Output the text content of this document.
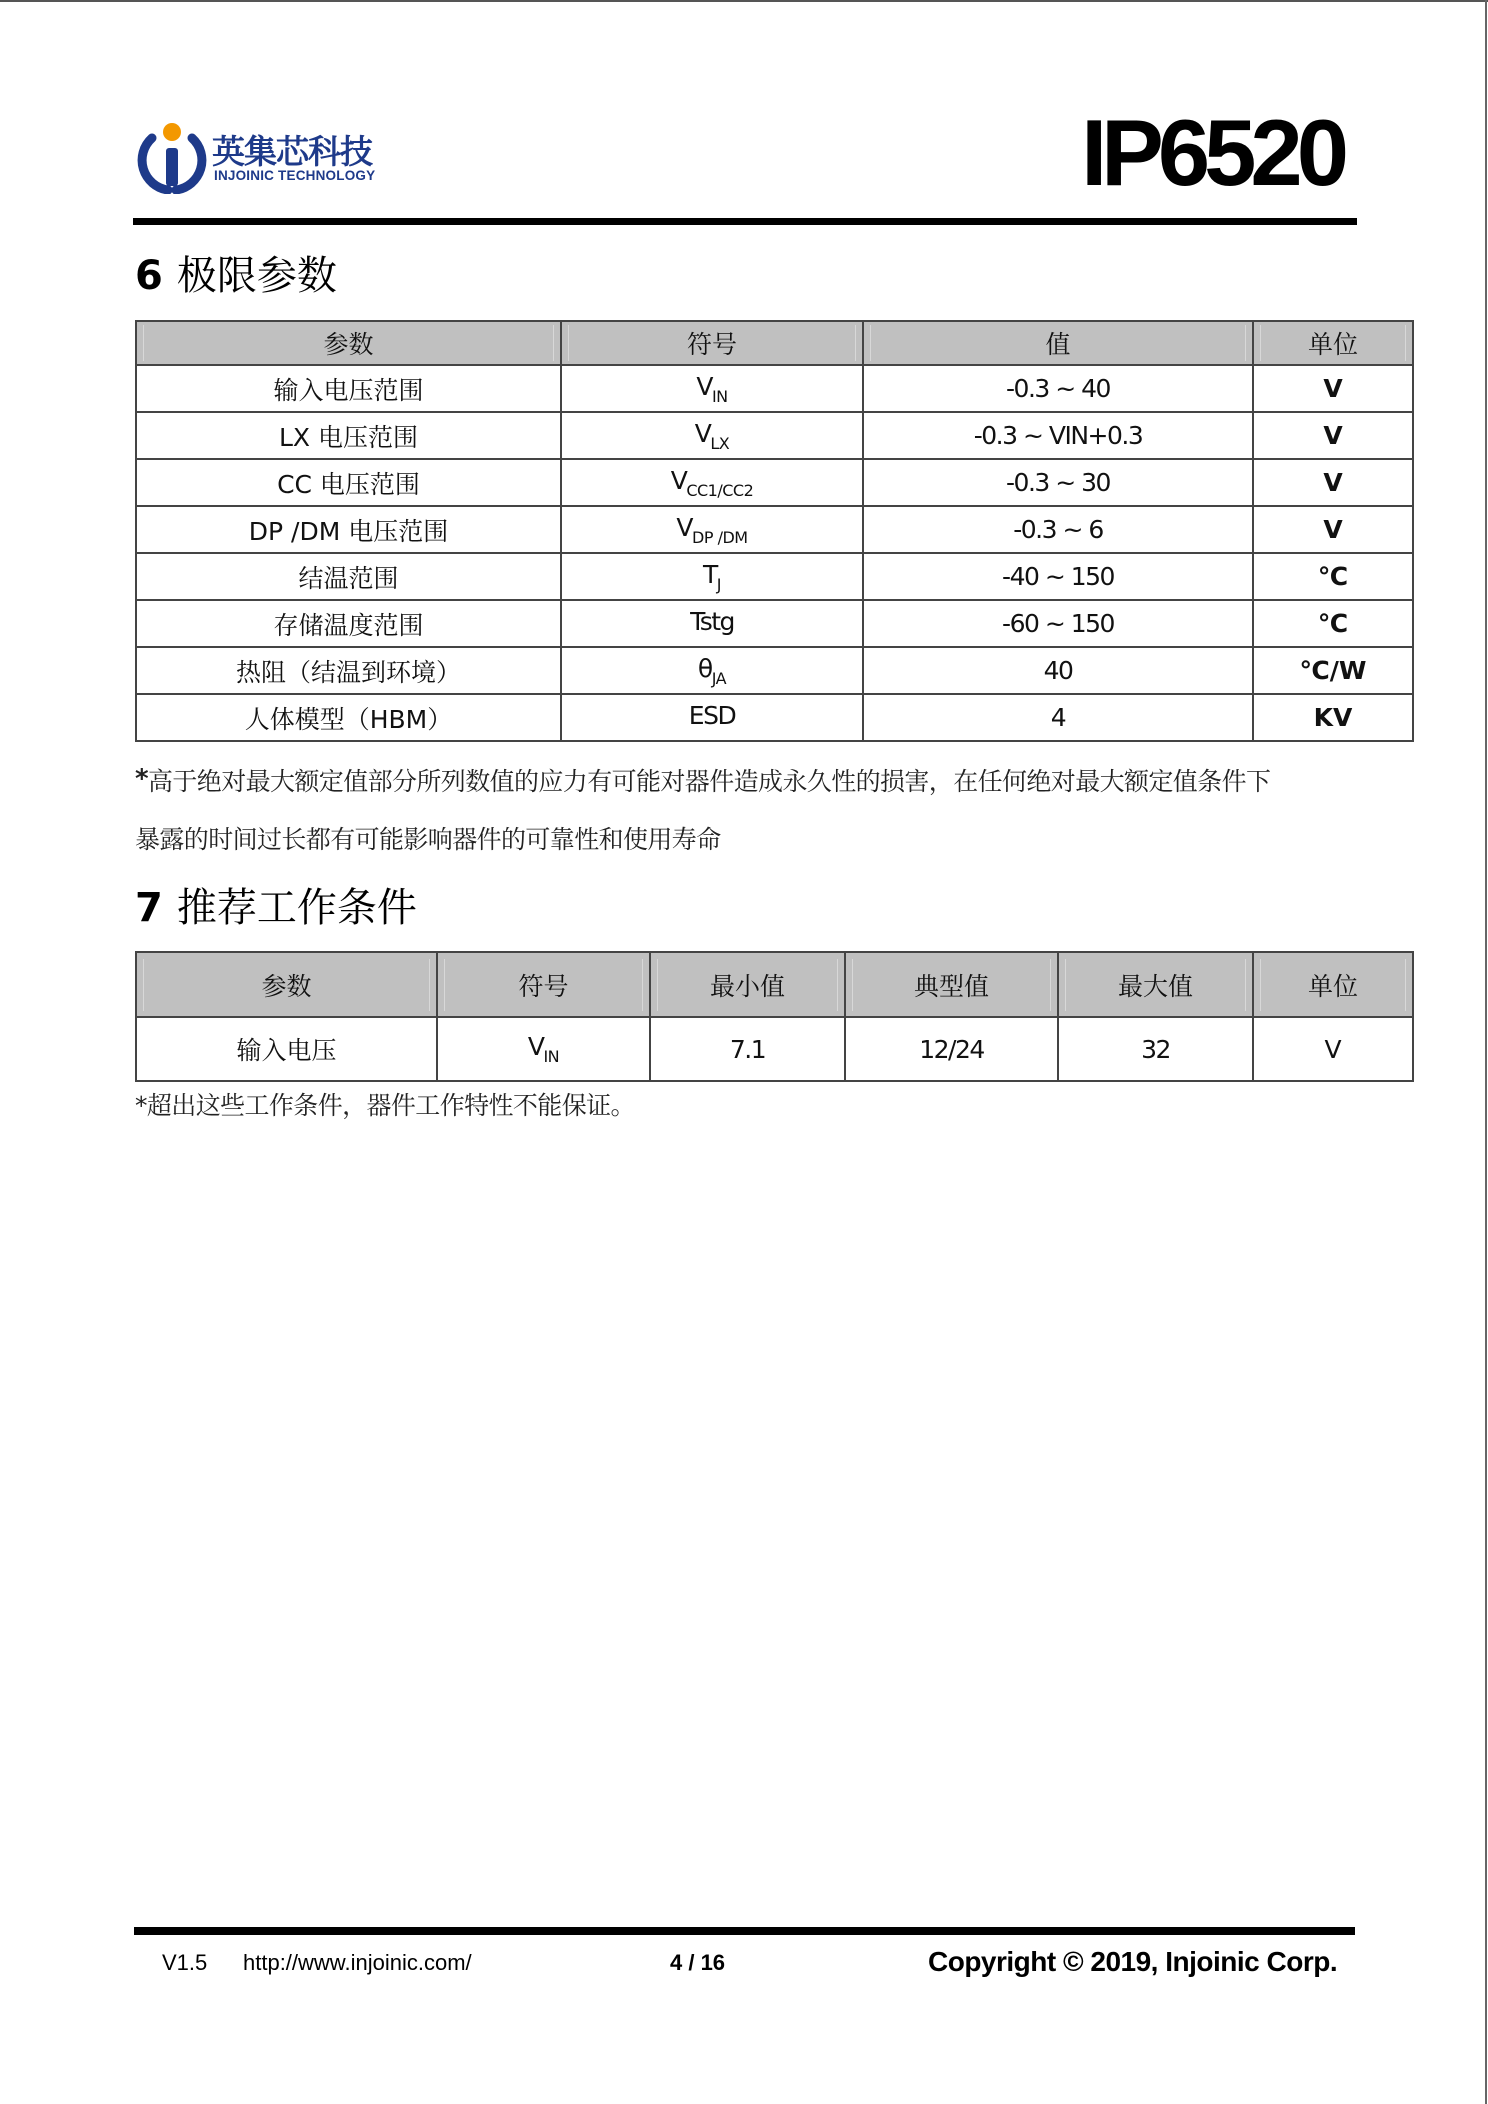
英集芯科技
INJOINIC TECHNOLOGY	IP6520
6 极限参数
参数	符号	值	单位

输入电压范围	$V_{IN}$	-0.3 ~ 40	V
LX 电压范围	$V_{LX}$	-0.3 ~ VIN+0.3	V
CC 电压范围	$V_{CC1/CC2}$	-0.3 ~ 30	V
DP /DM 电压范围	$V_{DP /DM}$	-0.3 ~ 6	V
结温范围	$T_J$	-40 ~ 150	℃
存储温度范围	Tstg	-60 ~ 150	℃
热阻（结温到环境）	$\theta_{JA}$	40	℃/W
人体模型（HBM）	ESD	4	KV
*高于绝对最大额定值部分所列数值的应力有可能对器件造成永久性的损害，在任何绝对最大额定值条件下
暴露的时间过长都有可能影响器件的可靠性和使用寿命
7 推荐工作条件
参数	符号	最小值	典型值	最大值	单位

输入电压	$V_{IN}$	7.1	12/24	32	V
*超出这些工作条件，器件工作特性不能保证。
V1.5 http://www.injoinic.com/	4 / 16	Copyright © 2019, Injoinic Corp.
